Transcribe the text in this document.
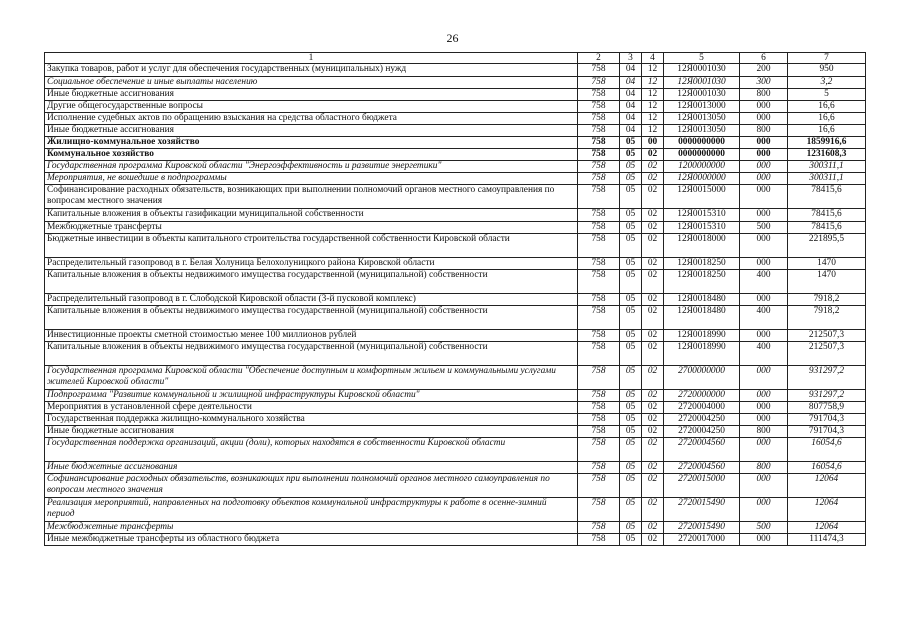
26
1	2	3	4	5	6	7
Закупка товаров, работ и услуг для обеспечения государственных (муниципальных) нужд	758	04	12	12Я0001030	200	950
Социальное обеспечение и иные выплаты населению	758	04	12	12Я0001030	300	3,2
Иные бюджетные ассигнования	758	04	12	12Я0001030	800	5
Другие общегосударственные вопросы	758	04	12	12Я0013000	000	16,6
Исполнение судебных актов по обращению взыскания на средства областного бюджета	758	04	12	12Я0013050	000	16,6
Иные бюджетные ассигнования	758	04	12	12Я0013050	800	16,6
Жилищно-коммунальное хозяйство	758	05	00	0000000000	000	1859916,6
Коммунальное хозяйство	758	05	02	0000000000	000	1231608,3
Государственная программа Кировской области "Энергоэффективность и развитие энергетики"	758	05	02	1200000000	000	300311,1
Мероприятия, не вошедшие в подпрограммы	758	05	02	12Я0000000	000	300311,1
Софинансирование расходных обязательств, возникающих при выполнении полномочий органов местного самоуправления по вопросам местного значения	758	05	02	12Я0015000	000	78415,6
Капитальные вложения в объекты газификации муниципальной собственности	758	05	02	12Я0015310	000	78415,6
Межбюджетные трансферты	758	05	02	12Я0015310	500	78415,6
Бюджетные инвестиции в объекты капитального строительства государственной собственности Кировской области	758	05	02	12Я0018000	000	221895,5
Распределительный газопровод в г. Белая Холуница Белохолуницкого района Кировской области	758	05	02	12Я0018250	000	1470
Капитальные вложения в объекты недвижимого имущества государственной (муниципальной) собственности	758	05	02	12Я0018250	400	1470
Распределительный газопровод в г. Слободской Кировской области (3-й пусковой комплекс)	758	05	02	12Я0018480	000	7918,2
Капитальные вложения в объекты недвижимого имущества государственной (муниципальной) собственности	758	05	02	12Я0018480	400	7918,2
Инвестиционные проекты сметной стоимостью менее 100 миллионов рублей	758	05	02	12Я0018990	000	212507,3
Капитальные вложения в объекты недвижимого имущества государственной (муниципальной) собственности	758	05	02	12Я0018990	400	212507,3
Государственная программа Кировской области "Обеспечение доступным и комфортным жильем и коммунальными услугами жителей Кировской области"	758	05	02	2700000000	000	931297,2
Подпрограмма "Развитие коммунальной и жилищной инфраструктуры Кировской области"	758	05	02	2720000000	000	931297,2
Мероприятия в установленной сфере деятельности	758	05	02	2720004000	000	807758,9
Государственная поддержка жилищно-коммунального хозяйства	758	05	02	2720004250	000	791704,3
Иные бюджетные ассигнования	758	05	02	2720004250	800	791704,3
Государственная поддержка организаций, акции (доли), которых находятся в собственности Кировской области	758	05	02	2720004560	000	16054,6
Иные бюджетные ассигнования	758	05	02	2720004560	800	16054,6
Софинансирование расходных обязательств, возникающих при выполнении полномочий органов местного самоуправления по вопросам местного значения	758	05	02	2720015000	000	12064
Реализация мероприятий, направленных на подготовку объектов коммунальной инфраструктуры к работе в осенне-зимний период	758	05	02	2720015490	000	12064
Межбюджетные трансферты	758	05	02	2720015490	500	12064
Иные межбюджетные трансферты из областного бюджета	758	05	02	2720017000	000	111474,3
